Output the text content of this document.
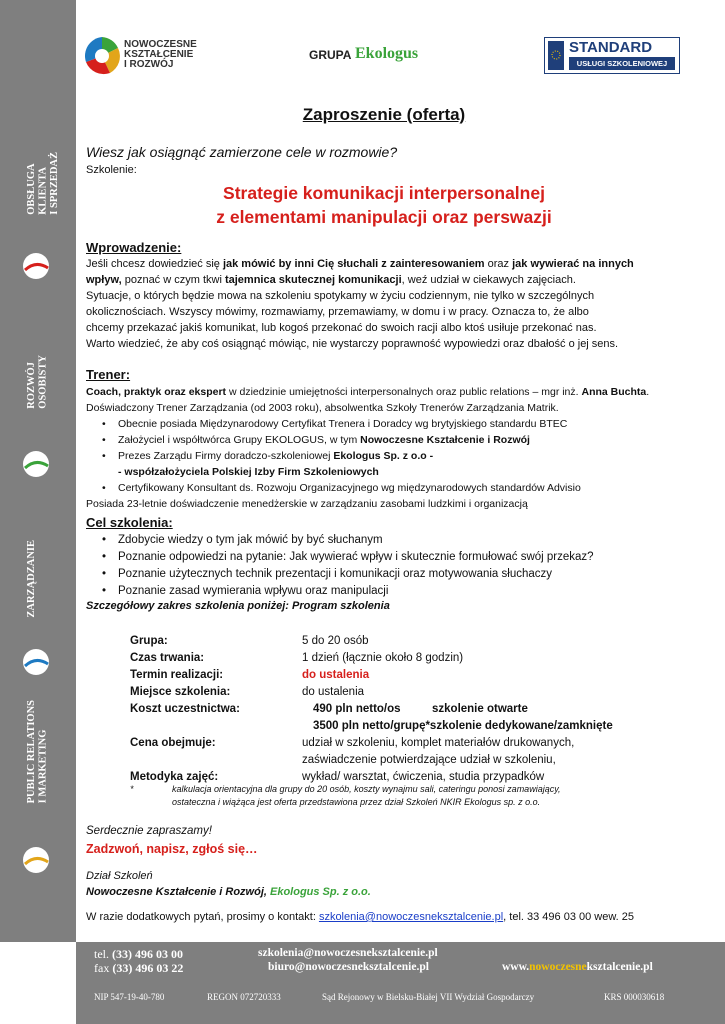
OBSŁUGA
KLIENTA
I SPRZEDAŻ
ROZWÓJ
OSOBISTY
ZARZĄDZANIE
PUBLIC RELATIONS
I MARKETING
NOWOCZESNE
KSZTAŁCENIE
I ROZWÓJ
GRUPA Ekologus	STANDARD
USŁUGI SZKOLENIOWEJ
Zaproszenie (oferta)
Wiesz jak osiągnąć zamierzone cele w rozmowie?
Szkolenie:
Strategie komunikacji interpersonalnej
z elementami manipulacji oraz perswazji
Wprowadzenie:
Jeśli chcesz dowiedzieć się jak mówić by inni Cię słuchali z zainteresowaniem oraz jak wywierać na innych
wpływ, poznać w czym tkwi tajemnica skutecznej komunikacji, weź udział w ciekawych zajęciach.
Sytuacje, o których będzie mowa na szkoleniu spotykamy w życiu codziennym, nie tylko w szczególnych
okolicznościach. Wszyscy mówimy, rozmawiamy, przemawiamy, w domu i w pracy. Oznacza to, że albo
chcemy przekazać jakiś komunikat, lub kogoś przekonać do swoich racji albo ktoś usiłuje przekonać nas.
Warto wiedzieć, że aby coś osiągnąć mówiąc, nie wystarczy poprawność wypowiedzi oraz dbałość o jej sens.
Trener:
Coach, praktyk oraz ekspert w dziedzinie umiejętności interpersonalnych oraz public relations – mgr inż. Anna Buchta.
Doświadczony Trener Zarządzania (od 2003 roku), absolwentka Szkoły Trenerów Zarządzania Matrik.
• Obecnie posiada Międzynarodowy Certyfikat Trenera i Doradcy wg brytyjskiego standardu BTEC
• Założyciel i współtwórca Grupy EKOLOGUS, w tym Nowoczesne Kształcenie i Rozwój
• Prezes Zarządu Firmy doradczo-szkoleniowej Ekologus Sp. z o.o -
- współzałożyciela Polskiej Izby Firm Szkoleniowych
• Certyfikowany Konsultant ds. Rozwoju Organizacyjnego wg międzynarodowych standardów Advisio
Posiada 23-letnie doświadczenie menedżerskie w zarządzaniu zasobami ludzkimi i organizacją
Cel szkolenia:
• Zdobycie wiedzy o tym jak mówić by być słuchanym
• Poznanie odpowiedzi na pytanie: Jak wywierać wpływ i skutecznie formułować swój przekaz?
• Poznanie użytecznych technik prezentacji i komunikacji oraz motywowania słuchaczy
• Poznanie zasad wymierania wpływu oraz manipulacji
Szczegółowy zakres szkolenia poniżej: Program szkolenia
Grupa:	5 do 20 osób
Czas trwania:	1 dzień (łącznie około 8 godzin)
Termin realizacji:	do ustalenia
Miejsce szkolenia:	do ustalenia
Koszt uczestnictwa:	490 pln netto/os	szkolenie otwarte
3500 pln netto/grupę*szkolenie dedykowane/zamknięte
Cena obejmuje:	udział w szkoleniu, komplet materiałów drukowanych,
zaświadczenie potwierdzające udział w szkoleniu,
Metodyka zajęć:	wykład/ warsztat, ćwiczenia, studia przypadków
*	kalkulacja orientacyjna dla grupy do 20 osób, koszty wynajmu sali, cateringu ponosi zamawiający,
ostateczna i wiążąca jest oferta przedstawiona przez dział Szkoleń NKIR Ekologus sp. z o.o.
Serdecznie zapraszamy!
Zadzwoń, napisz, zgłoś się…
Dział Szkoleń
Nowoczesne Kształcenie i Rozwój, Ekologus Sp. z o.o.
W razie dodatkowych pytań, prosimy o kontakt: szkolenia@nowoczesneksztalcenie.pl, tel. 33 496 03 00 wew. 25
tel. (33) 496 03 00
fax (33) 496 03 22
szkolenia@nowoczesneksztalcenie.pl
biuro@nowoczesneksztalcenie.pl	www.nowoczesneksztalcenie.pl
NIP 547-19-40-780	REGON 072720333	Sąd Rejonowy w Bielsku-Białej VII Wydział Gospodarczy	KRS 000030618
